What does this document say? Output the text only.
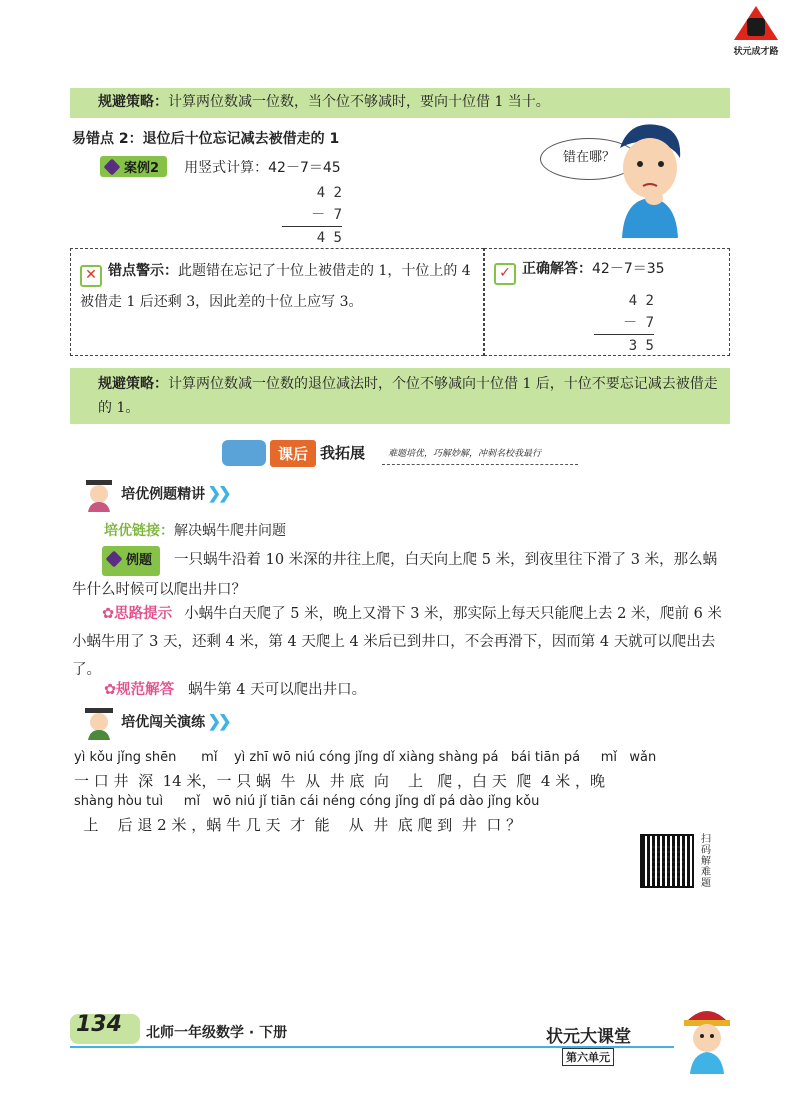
状元成才路
规避策略：计算两位数减一位数，当个位不够减时，要向十位借 1 当十。
易错点 2：退位后十位忘记减去被借走的 1
案例2 用竖式计算：42－7＝45
4 2
－ 7
4 5
错在哪？
✕ 错点警示：此题错在忘记了十位上被借走的 1，十位上的 4 被借走 1 后还剩 3，因此差的十位上应写 3。
✓ 正确解答：42－7＝35
4 2
－ 7
3 5
规避策略：计算两位数减一位数的退位减法时，个位不够减向十位借 1 后，十位不要忘记减去被借走的 1。
课后 我拓展	难题培优，巧解妙解，冲刺名校我最行
培优例题精讲 ❯❯
培优链接：解决蜗牛爬井问题
例题 一只蜗牛沿着 10 米深的井往上爬，白天向上爬 5 米，到夜里往下滑了 3 米，那么蜗牛什么时候可以爬出井口？
✿思路提示 小蜗牛白天爬了 5 米，晚上又滑下 3 米，那实际上每天只能爬上去 2 米，爬前 6 米小蜗牛用了 3 天，还剩 4 米，第 4 天爬上 4 米后已到井口，不会再滑下，因而第 4 天就可以爬出去了。
✿规范解答 蜗牛第 4 天可以爬出井口。
培优闯关演练 ❯❯
yì kǒu jǐng shēn      mǐ    yì zhī wō niú cóng jǐng dǐ xiàng shàng pá   bái tiān pá     mǐ   wǎn
一 口 井  深  14 米，一 只 蜗  牛  从  井 底  向    上   爬 ，白 天  爬  4 米 ，晚
shàng hòu tuì     mǐ   wō niú jǐ tiān cái néng cóng jǐng dǐ pá dào jǐng kǒu
上    后 退 2 米 ，蜗 牛 几 天  才  能    从  井  底 爬 到  井  口 ？
扫码解难题
134 北师一年级数学 · 下册	状元大课堂
第六单元
